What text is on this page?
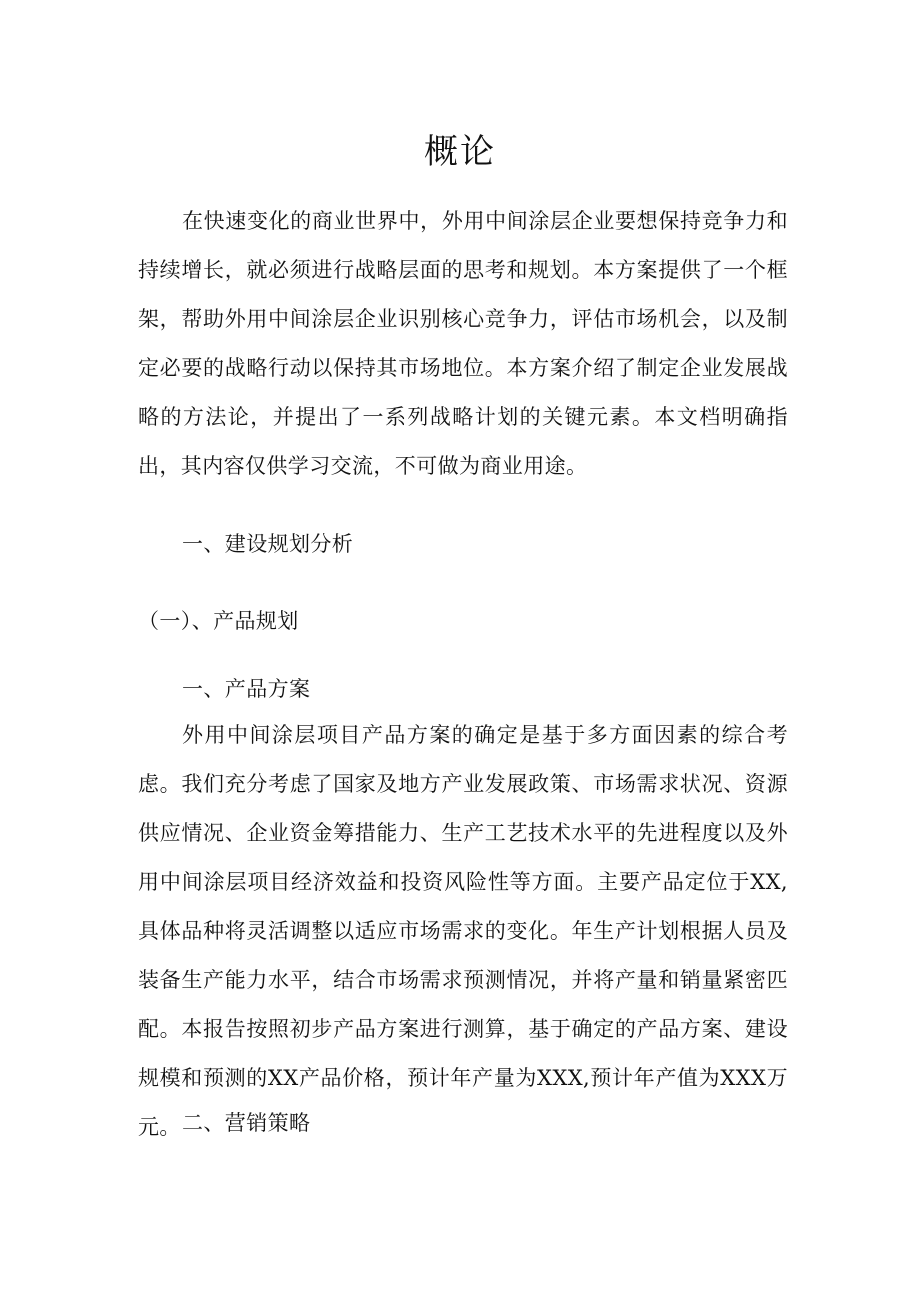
概论

在快速变化的商业世界中，外用中间涂层企业要想保持竞争力和持续增长，就必须进行战略层面的思考和规划。本方案提供了一个框架，帮助外用中间涂层企业识别核心竞争力，评估市场机会，以及制定必要的战略行动以保持其市场地位。本方案介绍了制定企业发展战略的方法论，并提出了一系列战略计划的关键元素。本文档明确指出，其内容仅供学习交流，不可做为商业用途。

一、建设规划分析
（一）、产品规划
一、产品方案

外用中间涂层项目产品方案的确定是基于多方面因素的综合考虑。我们充分考虑了国家及地方产业发展政策、市场需求状况、资源供应情况、企业资金筹措能力、生产工艺技术水平的先进程度以及外用中间涂层项目经济效益和投资风险性等方面。主要产品定位于XX,具体品种将灵活调整以适应市场需求的变化。年生产计划根据人员及装备生产能力水平，结合市场需求预测情况，并将产量和销量紧密匹配。本报告按照初步产品方案进行测算，基于确定的产品方案、建设规模和预测的XX产品价格，预计年产量为XXX,预计年产值为XXX万元。 二、营销策略
